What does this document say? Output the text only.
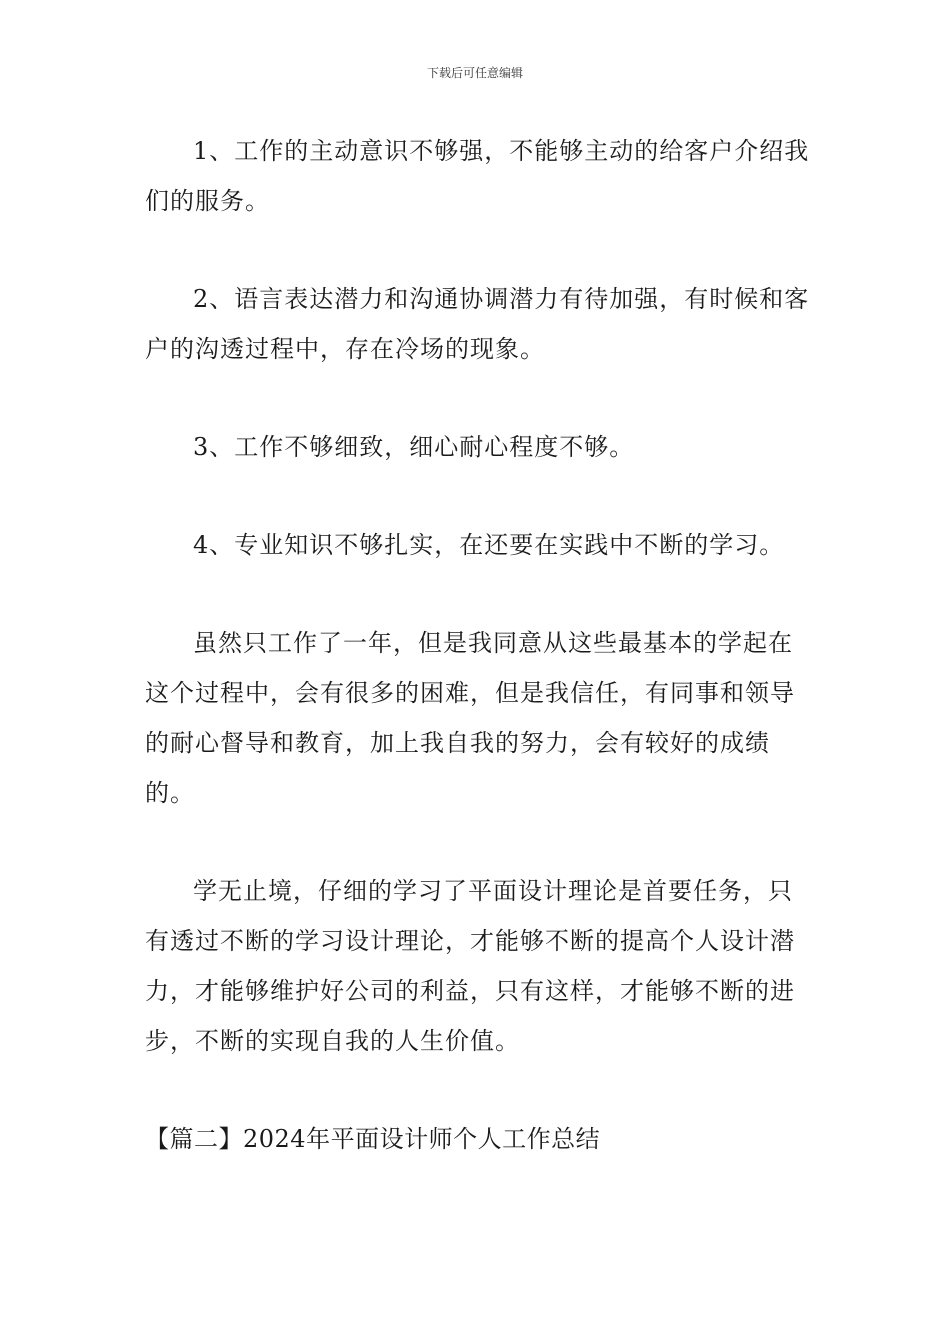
下载后可任意编辑

1、工作的主动意识不够强，不能够主动的给客户介绍我们的服务。

2、语言表达潜力和沟通协调潜力有待加强，有时候和客户的沟透过程中，存在冷场的现象。

3、工作不够细致，细心耐心程度不够。

4、专业知识不够扎实，在还要在实践中不断的学习。

虽然只工作了一年，但是我同意从这些最基本的学起在这个过程中，会有很多的困难，但是我信任，有同事和领导的耐心督导和教育，加上我自我的努力，会有较好的成绩的。

学无止境，仔细的学习了平面设计理论是首要任务，只有透过不断的学习设计理论，才能够不断的提高个人设计潜力，才能够维护好公司的利益，只有这样，才能够不断的进步，不断的实现自我的人生价值。

【篇二】2024年平面设计师个人工作总结
